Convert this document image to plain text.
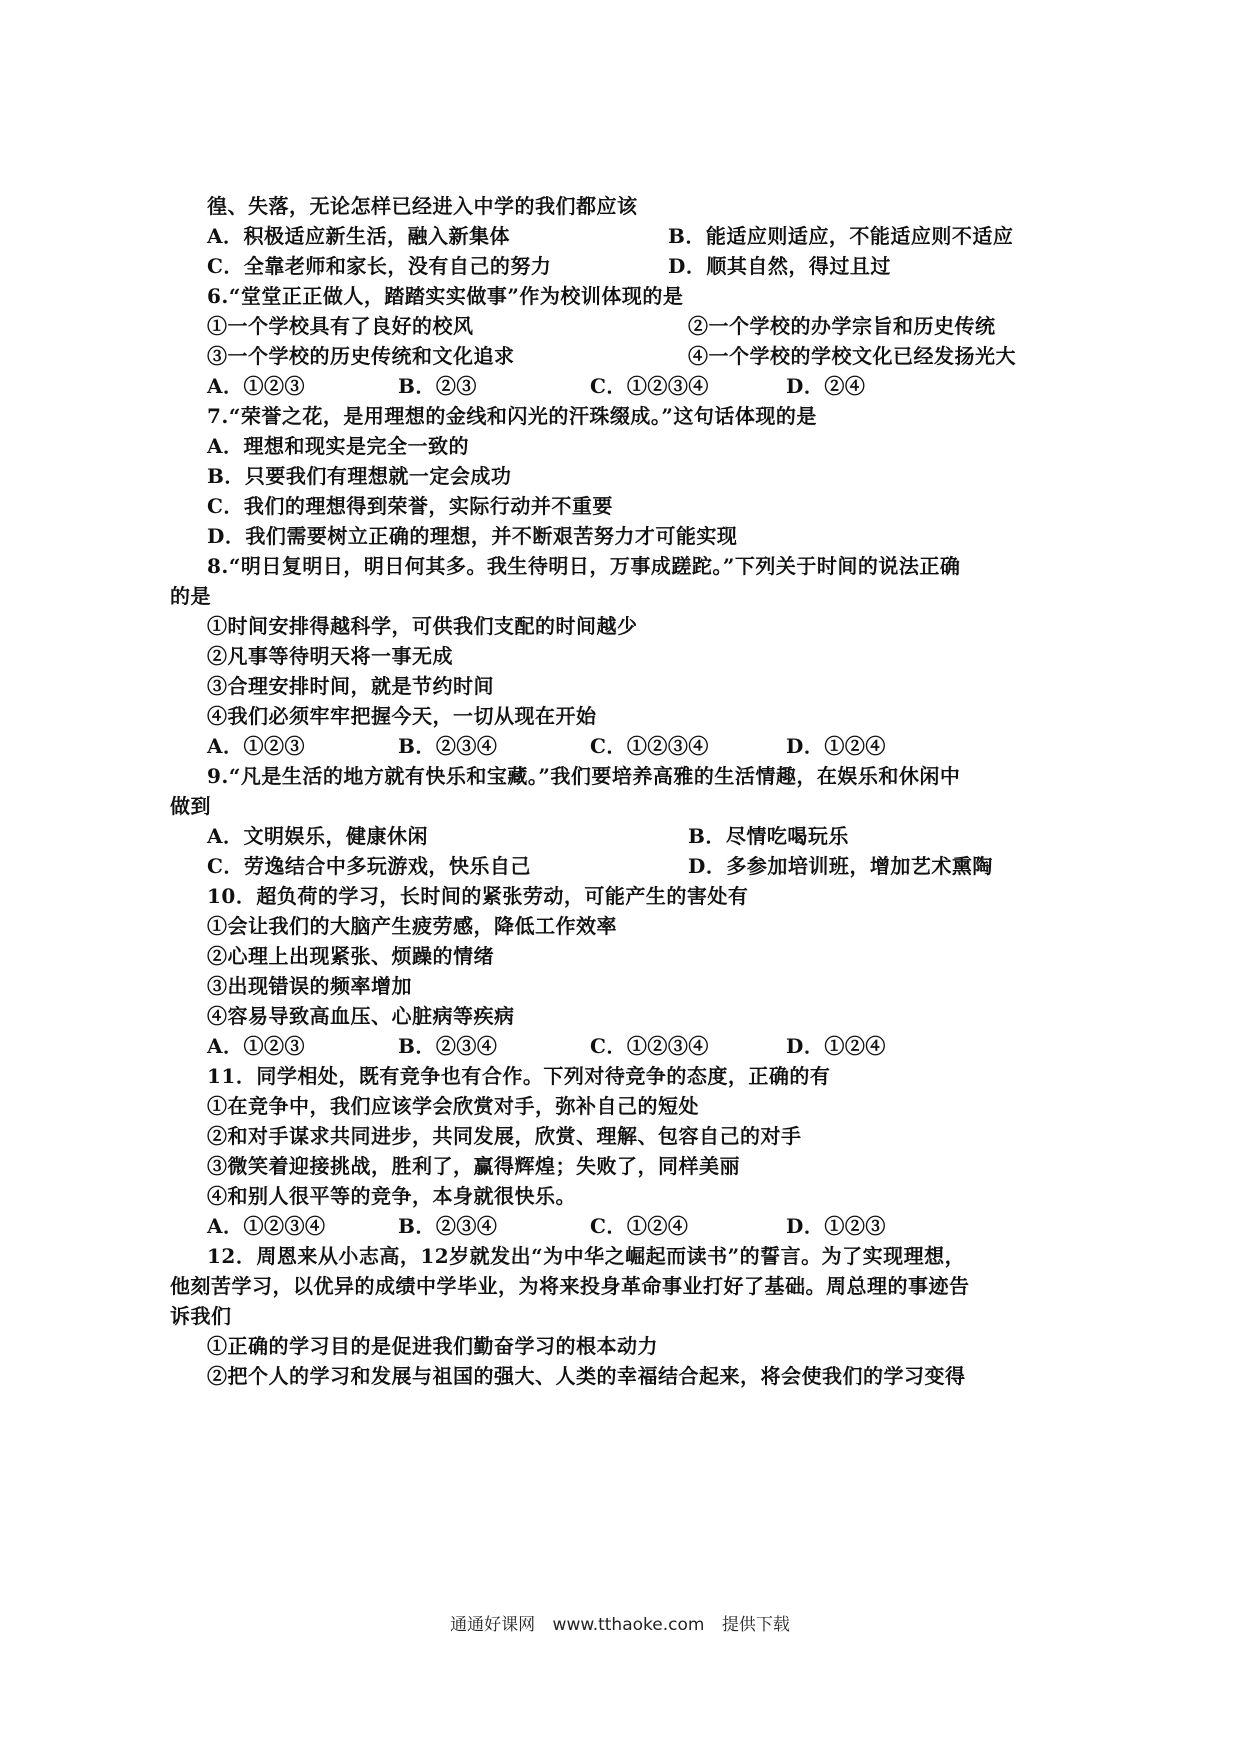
徨、失落，无论怎样已经进入中学的我们都应该
A．积极适应新生活，融入新集体	B．能适应则适应，不能适应则不适应
C．全靠老师和家长，没有自己的努力	D．顺其自然，得过且过
6.“堂堂正正做人，踏踏实实做事”作为校训体现的是
①一个学校具有了良好的校风	②一个学校的办学宗旨和历史传统
③一个学校的历史传统和文化追求	④一个学校的学校文化已经发扬光大
A．①②③	B．②③	C．①②③④	D．②④
7.“荣誉之花，是用理想的金线和闪光的汗珠缀成。”这句话体现的是
A．理想和现实是完全一致的
B．只要我们有理想就一定会成功
C．我们的理想得到荣誉，实际行动并不重要
D．我们需要树立正确的理想，并不断艰苦努力才可能实现
8.“明日复明日，明日何其多。我生待明日，万事成蹉跎。”下列关于时间的说法正确
的是
①时间安排得越科学，可供我们支配的时间越少
②凡事等待明天将一事无成
③合理安排时间，就是节约时间
④我们必须牢牢把握今天，一切从现在开始
A．①②③	B．②③④	C．①②③④	D．①②④
9.“凡是生活的地方就有快乐和宝藏。”我们要培养高雅的生活情趣，在娱乐和休闲中
做到
A．文明娱乐，健康休闲	B．尽情吃喝玩乐
C．劳逸结合中多玩游戏，快乐自己	D．多参加培训班，增加艺术熏陶
10．超负荷的学习，长时间的紧张劳动，可能产生的害处有
①会让我们的大脑产生疲劳感，降低工作效率
②心理上出现紧张、烦躁的情绪
③出现错误的频率增加
④容易导致高血压、心脏病等疾病
A．①②③	B．②③④	C．①②③④	D．①②④
11．同学相处，既有竞争也有合作。下列对待竞争的态度，正确的有
①在竞争中，我们应该学会欣赏对手，弥补自己的短处
②和对手谋求共同进步，共同发展，欣赏、理解、包容自己的对手
③微笑着迎接挑战，胜利了，赢得辉煌；失败了，同样美丽
④和别人很平等的竞争，本身就很快乐。
A．①②③④	B．②③④	C．①②④	D．①②③
12．周恩来从小志高，12岁就发出“为中华之崛起而读书”的誓言。为了实现理想，
他刻苦学习，以优异的成绩中学毕业，为将来投身革命事业打好了基础。周总理的事迹告
诉我们
①正确的学习目的是促进我们勤奋学习的根本动力
②把个人的学习和发展与祖国的强大、人类的幸福结合起来，将会使我们的学习变得
通通好课网 www.tthaoke.com 提供下载
